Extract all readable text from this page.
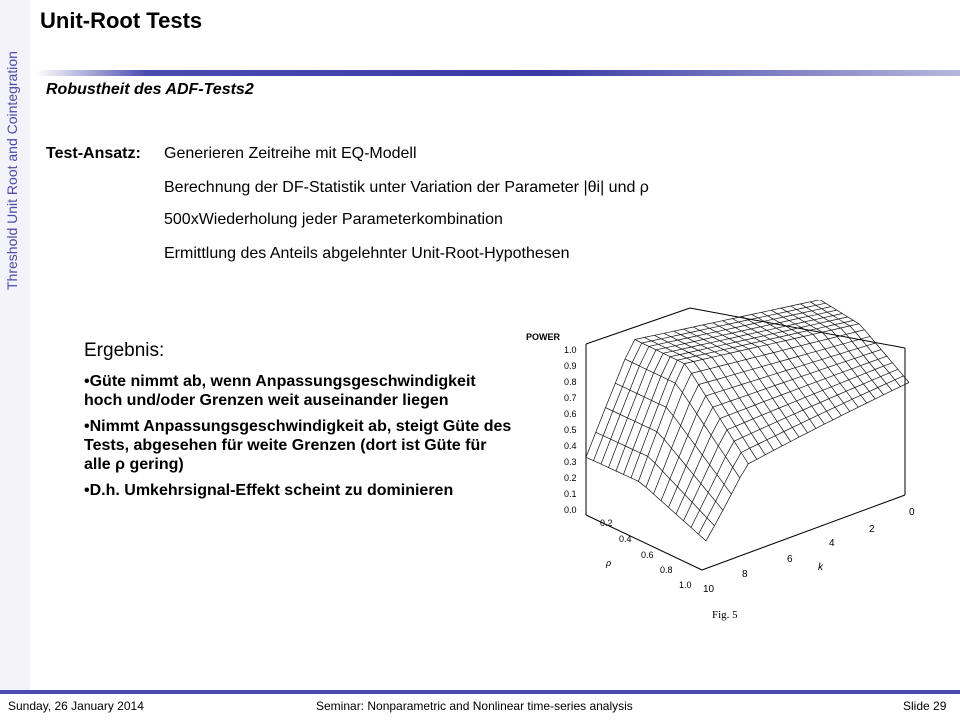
Threshold Unit Root and Cointegration
Unit-Root Tests
Robustheit des ADF-Tests2
Test-Ansatz: Generieren Zeitreihe mit EQ-Modell
Berechnung der DF-Statistik unter Variation der Parameter |θi| und ρ
500xWiederholung jeder Parameterkombination
Ermittlung des Anteils abgelehnter Unit-Root-Hypothesen
Ergebnis:
•Güte nimmt ab, wenn Anpassungsgeschwindigkeit hoch und/oder Grenzen weit auseinander liegen
•Nimmt Anpassungsgeschwindigkeit ab, steigt Güte des Tests, abgesehen für weite Grenzen (dort ist Güte für alle ρ gering)
•D.h. Umkehrsignal-Effekt scheint zu dominieren
POWER
1.0
0.9
0.8
0.7
0.6
0.5
0.4
0.3
0.2
0.1
0.0
0.2
0.4
0.6
0.8
1.0
ρ
0
2
4
6
8
10
k
Fig. 5
Sunday, 26 January 2014	Seminar: Nonparametric and Nonlinear time-series analysis	Slide 29
